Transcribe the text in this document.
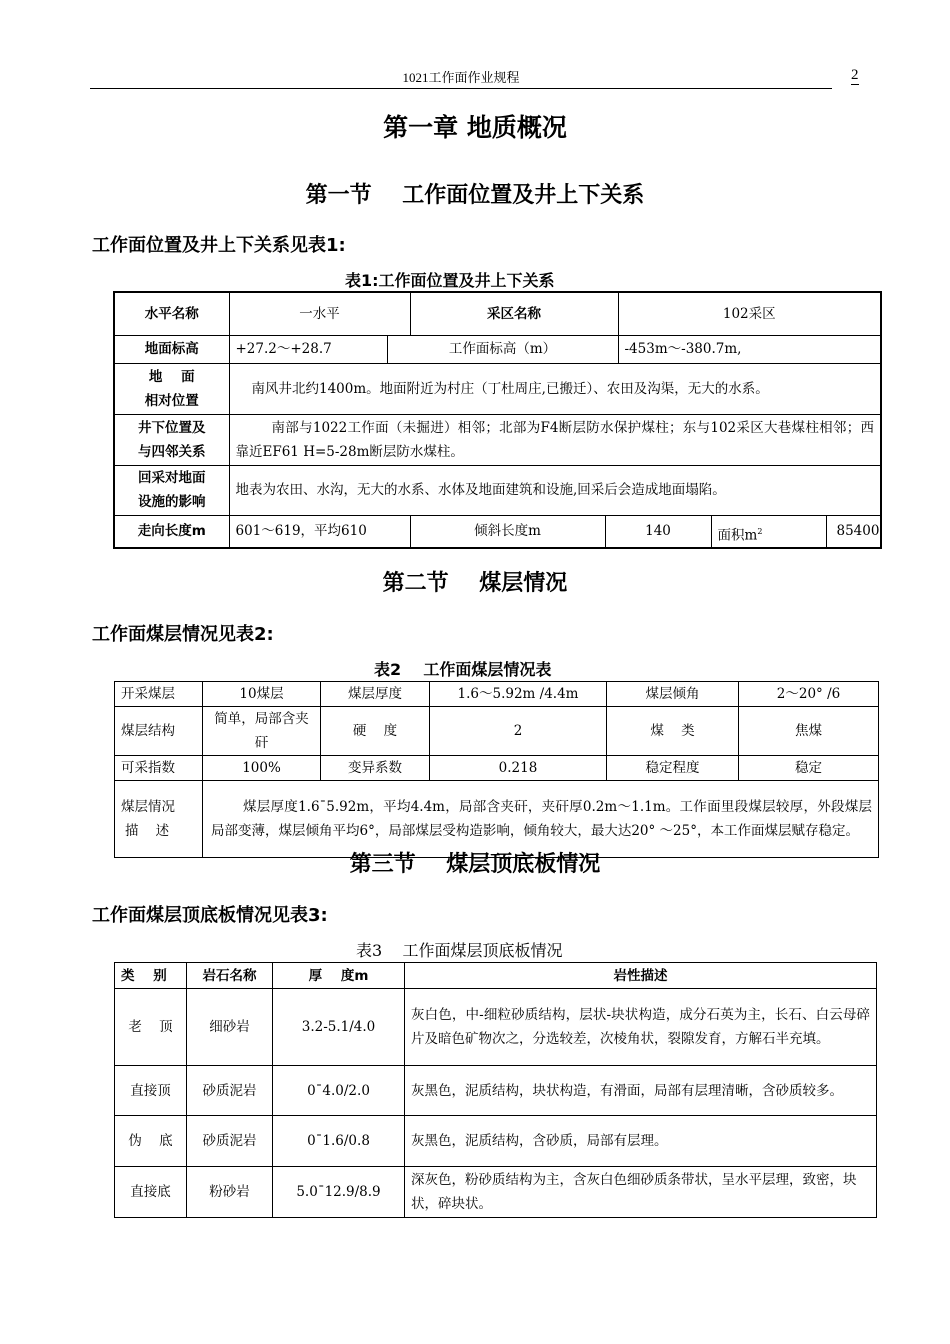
1021工作面作业规程	2
第一章 地质概况
第一节    工作面位置及井上下关系
工作面位置及井上下关系见表1:
表1:工作面位置及井上下关系
水平名称	一水平		采区名称		102采区	
地面标高	+27.2～+28.7	工作面标高（m）			-453m～-380.7m,	

地    面
相对位置	南风井北约1400m。地面附近为村庄（丁杜周庄,已搬迁）、农田及沟渠，无大的水系。					

井下位置及
与四邻关系	南部与1022工作面（未掘进）相邻；北部为F4断层防水保护煤柱；东与102采区大巷煤柱相邻；西靠近EF61 H=5-28m断层防水煤柱。					

回采对地面
设施的影响	地表为农田、水沟，无大的水系、水体及地面建筑和设施,回采后会造成地面塌陷。					
走向长度m	601～619，平均610		倾斜长度m	140		面积$m^2$ 85400
第二节    煤层情况
工作面煤层情况见表2:
表2    工作面煤层情况表
开采煤层	10煤层	煤层厚度	1.6～5.92m /4.4m	煤层倾角	2～20° /6
煤层结构	简单，局部含夹矸	硬    度	2	煤    类	焦煤
可采指数	100%	变异系数	0.218	稳定程度	稳定

煤层情况
描    述	煤层厚度1.6¯5.92m，平均4.4m，局部含夹矸，夹矸厚0.2m～1.1m。工作面里段煤层较厚，外段煤层局部变薄，煤层倾角平均6°，局部煤层受构造影响，倾角较大，最大达20° ～25°，本工作面煤层赋存稳定。				
第三节    煤层顶底板情况
工作面煤层顶底板情况见表3:
表3    工作面煤层顶底板情况
类    别	岩石名称	厚    度m	岩性描述
老    顶	细砂岩	3.2-5.1/4.0	灰白色，中-细粒砂质结构，层状-块状构造，成分石英为主，长石、白云母碎片及暗色矿物次之，分选较差，次棱角状，裂隙发育，方解石半充填。
直接顶	砂质泥岩	0¯4.0/2.0	灰黑色，泥质结构，块状构造，有滑面，局部有层理清晰，含砂质较多。
伪    底	砂质泥岩	0¯1.6/0.8	灰黑色，泥质结构，含砂质，局部有层理。
直接底	粉砂岩	5.0¯12.9/8.9	深灰色，粉砂质结构为主，含灰白色细砂质条带状，呈水平层理，致密，块状，碎块状。
